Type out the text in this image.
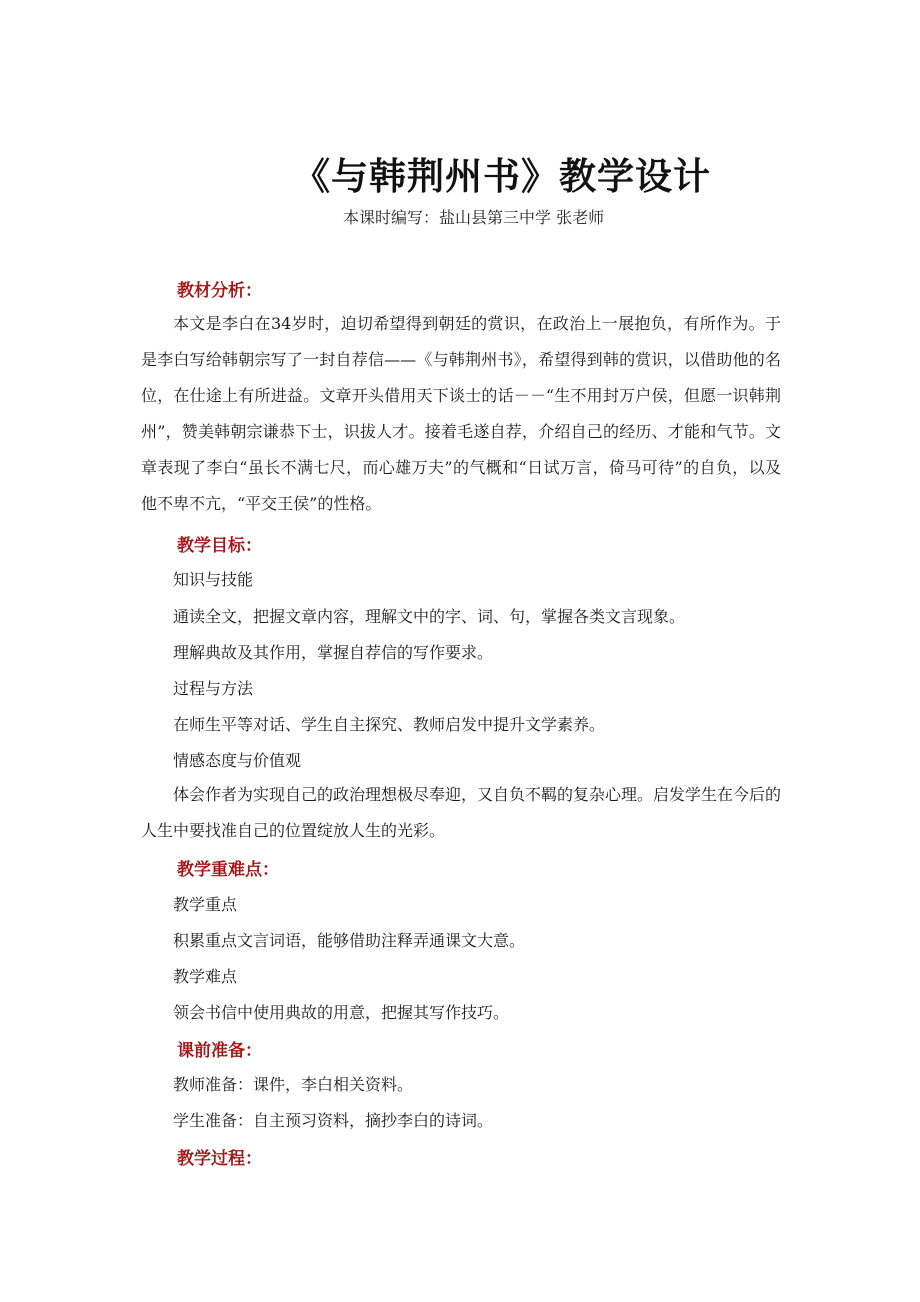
《与韩荆州书》教学设计
本课时编写：盐山县第三中学 张老师
教材分析：
本文是李白在34岁时，迫切希望得到朝廷的赏识，在政治上一展抱负，有所作为。于是李白写给韩朝宗写了一封自荐信——《与韩荆州书》，希望得到韩的赏识，以借助他的名位，在仕途上有所进益。文章开头借用天下谈士的话－－“生不用封万户侯，但愿一识韩荆州”，赞美韩朝宗谦恭下士，识拔人才。接着毛遂自荐，介绍自己的经历、才能和气节。文章表现了李白“虽长不满七尺，而心雄万夫”的气概和“日试万言，倚马可待”的自负，以及他不卑不亢，“平交王侯”的性格。
教学目标：
知识与技能
通读全文，把握文章内容，理解文中的字、词、句，掌握各类文言现象。
理解典故及其作用，掌握自荐信的写作要求。
过程与方法
在师生平等对话、学生自主探究、教师启发中提升文学素养。
情感态度与价值观
体会作者为实现自己的政治理想极尽奉迎，又自负不羁的复杂心理。启发学生在今后的人生中要找准自己的位置绽放人生的光彩。
教学重难点：
教学重点
积累重点文言词语，能够借助注释弄通课文大意。
教学难点
领会书信中使用典故的用意，把握其写作技巧。
课前准备：
教师准备：课件，李白相关资料。
学生准备：自主预习资料，摘抄李白的诗词。
教学过程：
